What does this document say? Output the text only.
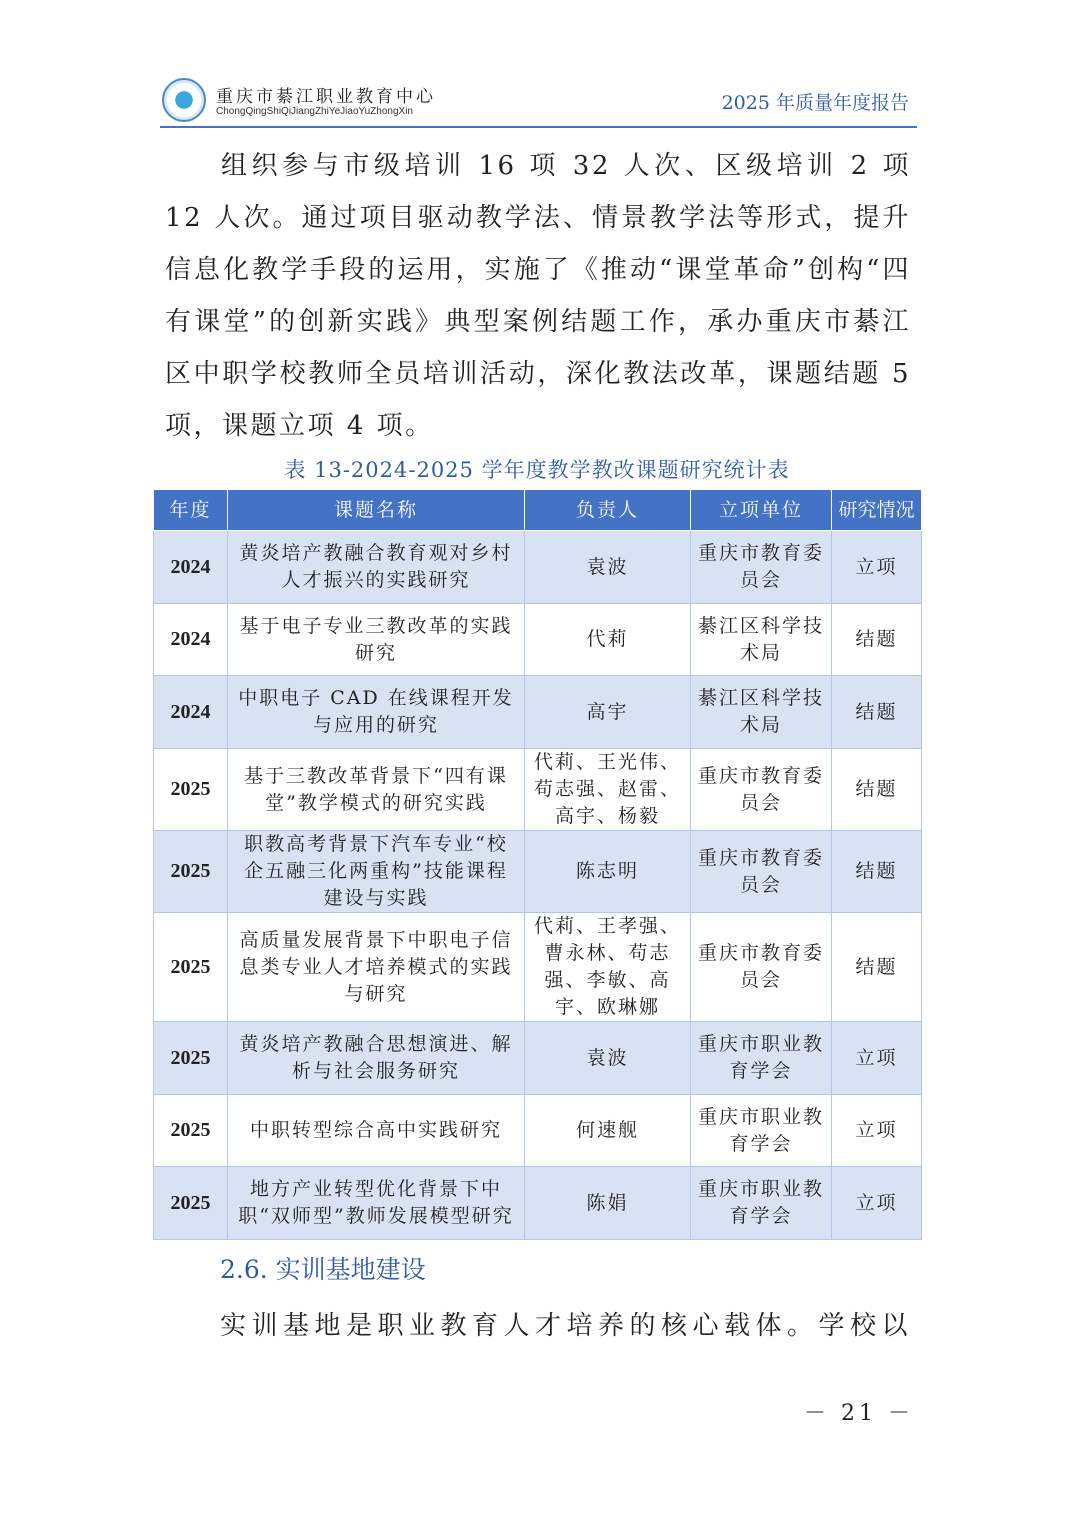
重庆市綦江职业教育中心
ChongQingShiQiJiangZhiYeJiaoYuZhongXin	2025 年质量年度报告

组织参与市级培训 16 项 32 人次、区级培训 2 项 12 人次。通过项目驱动教学法、情景教学法等形式，提升信息化教学手段的运用，实施了《推动“课堂革命”创构“四有课堂”的创新实践》典型案例结题工作，承办重庆市綦江区中职学校教师全员培训活动，深化教法改革，课题结题 5 项，课题立项 4 项。

表 13-2024-2025 学年度教学教改课题研究统计表
年度	课题名称	负责人	立项单位	研究情况
2024	黄炎培产教融合教育观对乡村人才振兴的实践研究	袁波	重庆市教育委员会	立项
2024	基于电子专业三教改革的实践研究	代莉	綦江区科学技术局	结题
2024	中职电子 CAD 在线课程开发与应用的研究	高宇	綦江区科学技术局	结题
2025	基于三教改革背景下“四有课堂”教学模式的研究实践	代莉、王光伟、苟志强、赵雷、高宇、杨毅	重庆市教育委员会	结题
2025	职教高考背景下汽车专业“校企五融三化两重构”技能课程建设与实践	陈志明	重庆市教育委员会	结题
2025	高质量发展背景下中职电子信息类专业人才培养模式的实践与研究	代莉、王孝强、曹永林、苟志强、李敏、高宇、欧琳娜	重庆市教育委员会	结题
2025	黄炎培产教融合思想演进、解析与社会服务研究	袁波	重庆市职业教育学会	立项
2025	中职转型综合高中实践研究	何速舰	重庆市职业教育学会	立项
2025	地方产业转型优化背景下中职“双师型”教师发展模型研究	陈娟	重庆市职业教育学会	立项
2.6. 实训基地建设
实训基地是职业教育人才培养的核心载体。学校以
－ 21 －
